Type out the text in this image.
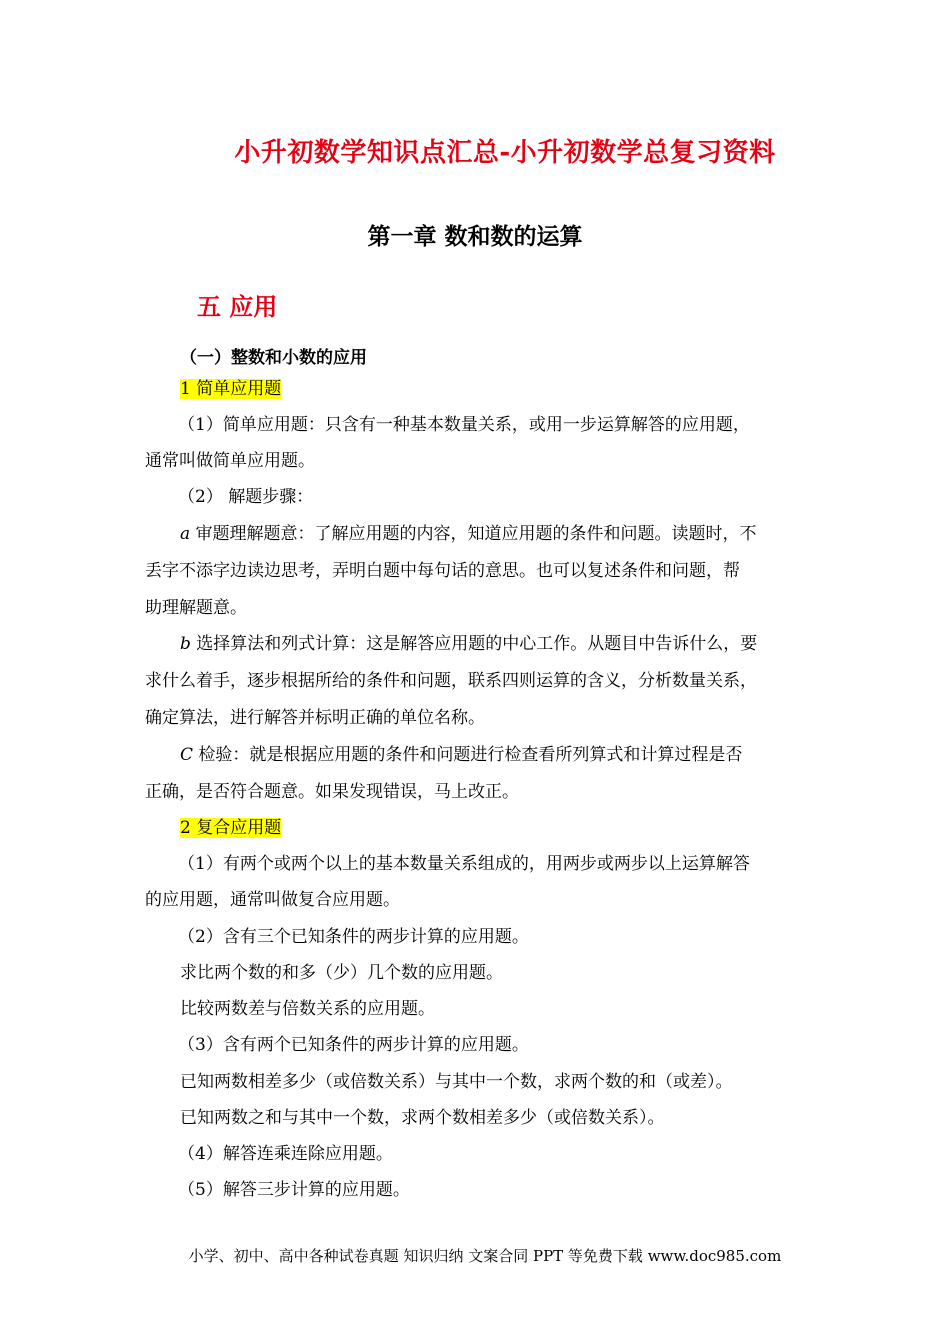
小升初数学知识点汇总-小升初数学总复习资料
第一章 数和数的运算
五 应用
（一）整数和小数的应用
1 简单应用题
（1）简单应用题：只含有一种基本数量关系，或用一步运算解答的应用题，
通常叫做简单应用题。
（2） 解题步骤：
a 审题理解题意：了解应用题的内容，知道应用题的条件和问题。读题时，不
丢字不添字边读边思考，弄明白题中每句话的意思。也可以复述条件和问题，帮
助理解题意。
b 选择算法和列式计算：这是解答应用题的中心工作。从题目中告诉什么，要
求什么着手，逐步根据所给的条件和问题，联系四则运算的含义，分析数量关系，
确定算法，进行解答并标明正确的单位名称。
C 检验：就是根据应用题的条件和问题进行检查看所列算式和计算过程是否
正确，是否符合题意。如果发现错误，马上改正。
2 复合应用题
（1）有两个或两个以上的基本数量关系组成的，用两步或两步以上运算解答
的应用题，通常叫做复合应用题。
（2）含有三个已知条件的两步计算的应用题。
求比两个数的和多（少）几个数的应用题。
比较两数差与倍数关系的应用题。
（3）含有两个已知条件的两步计算的应用题。
已知两数相差多少（或倍数关系）与其中一个数，求两个数的和（或差）。
已知两数之和与其中一个数，求两个数相差多少（或倍数关系）。
（4）解答连乘连除应用题。
（5）解答三步计算的应用题。
小学、初中、高中各种试卷真题 知识归纳 文案合同 PPT 等免费下载 www.doc985.com
